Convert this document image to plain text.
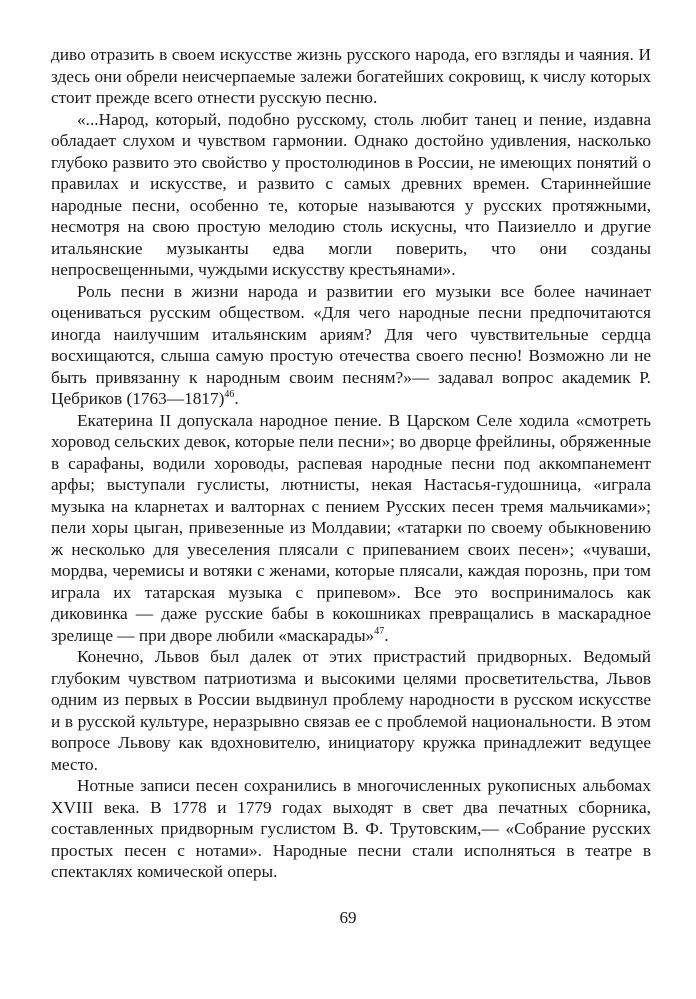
диво отразить в своем искусстве жизнь русского народа, его взгляды и чаяния. И здесь они обрели неисчерпаемые залежи богатейших сокровищ, к числу которых стоит прежде всего отнести русскую песню.

«...Народ, который, подобно русскому, столь любит танец и пение, издавна обладает слухом и чувством гармонии. Однако достойно удивления, насколько глубоко развито это свойство у простолюдинов в России, не имеющих понятий о правилах и искусстве, и развито с самых древних времен. Стариннейшие народные песни, особенно те, которые называются у русских протяжными, несмотря на свою простую мелодию столь искусны, что Паизиелло и другие итальянские музыканты едва могли поверить, что они созданы непросвещенными, чуждыми искусству крестьянами».

Роль песни в жизни народа и развитии его музыки все более начинает оцениваться русским обществом. «Для чего народные песни предпочитаются иногда наилучшим итальянским ариям? Для чего чувствительные сердца восхищаются, слыша самую простую отечества своего песню! Возможно ли не быть привязанну к народным своим песням?»— задавал вопрос академик Р. Цебриков (1763—1817)$^{46}$.

Екатерина II допускала народное пение. В Царском Селе ходила «смотреть хоровод сельских девок, которые пели песни»; во дворце фрейлины, обряженные в сарафаны, водили хороводы, распевая народные песни под аккомпанемент арфы; выступали гуслисты, лютнисты, некая Настасья-гудошница, «играла музыка на кларнетах и валторнах с пением Русских песен тремя мальчиками»; пели хоры цыган, привезенные из Молдавии; «татарки по своему обыкновению ж несколько для увеселения плясали с припеванием своих песен»; «чуваши, мордва, черемисы и вотяки с женами, которые плясали, каждая порознь, при том играла их татарская музыка с припевом». Все это воспринималось как диковинка — даже русские бабы в кокошниках превращались в маскарадное зрелище — при дворе любили «маскарады»$^{47}$.

Конечно, Львов был далек от этих пристрастий придворных. Ведомый глубоким чувством патриотизма и высокими целями просветительства, Львов одним из первых в России выдвинул проблему народности в русском искусстве и в русской культуре, неразрывно связав ее с проблемой национальности. В этом вопросе Львову как вдохновителю, инициатору кружка принадлежит ведущее место.

Нотные записи песен сохранились в многочисленных рукописных альбомах XVIII века. В 1778 и 1779 годах выходят в свет два печатных сборника, составленных придворным гуслистом В. Ф. Трутовским,— «Собрание русских простых песен с нотами». Народные песни стали исполняться в театре в спектаклях комической оперы.

69
